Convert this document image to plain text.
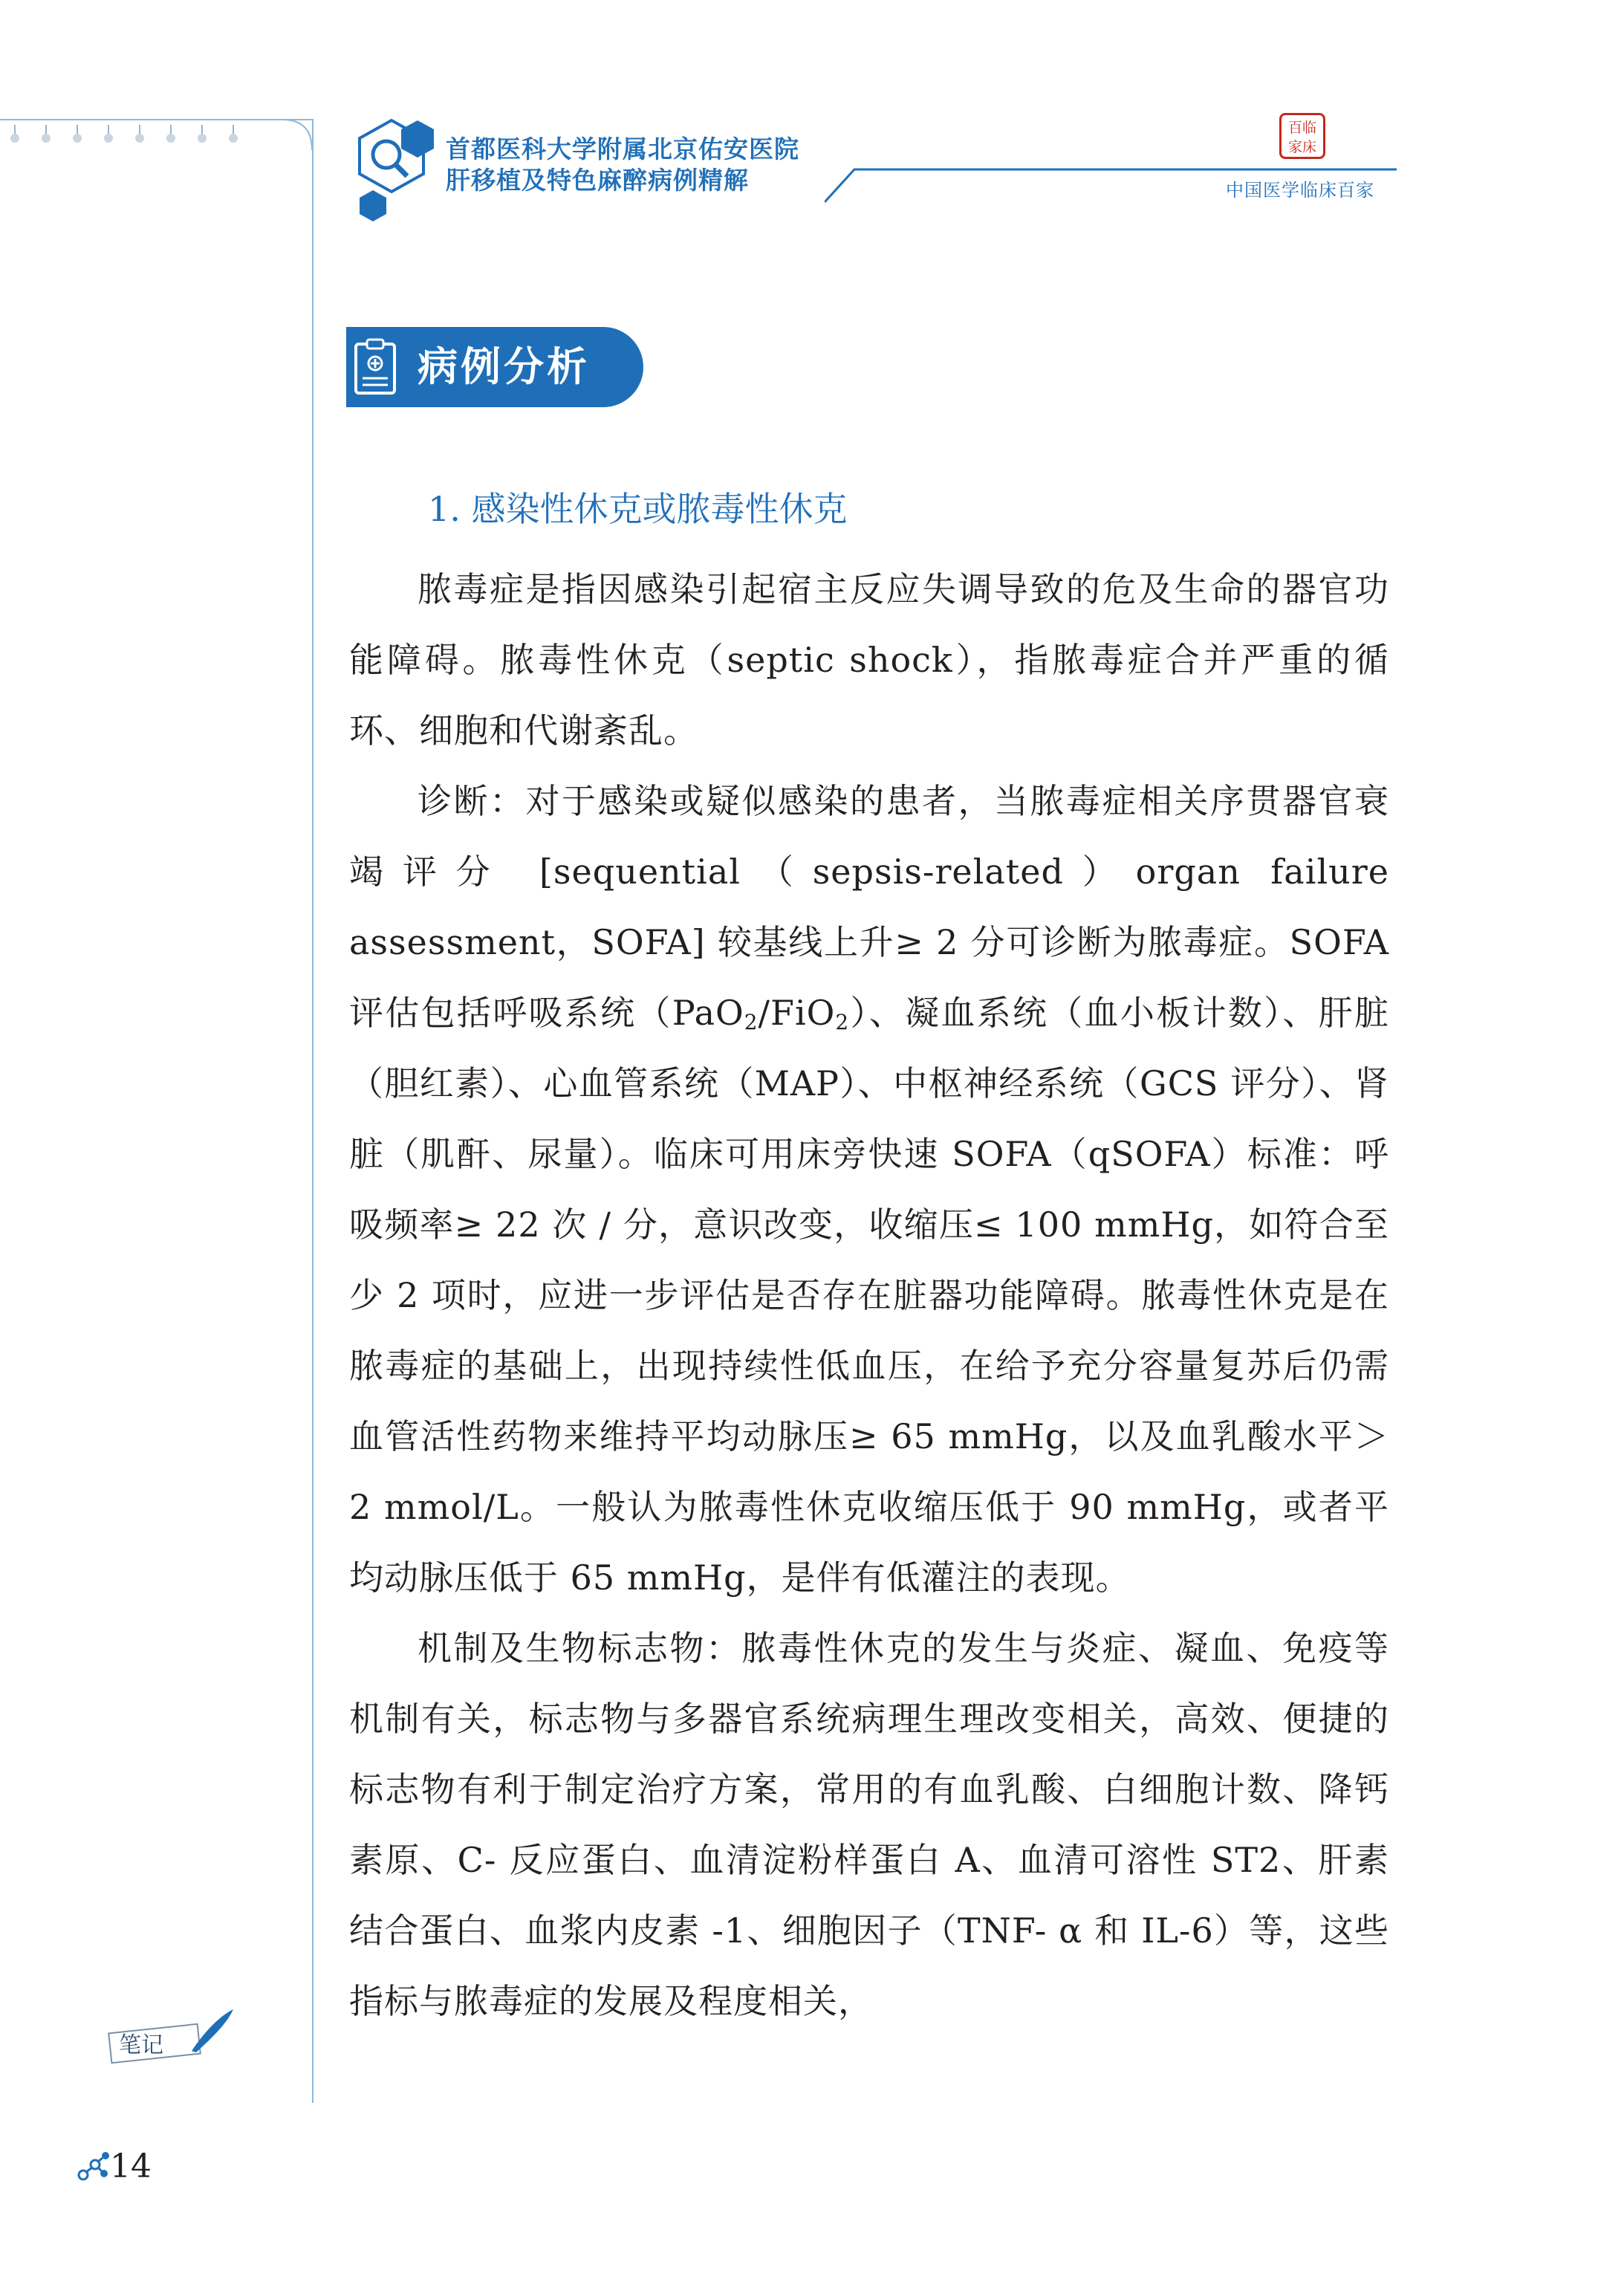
首都医科大学附属北京佑安医院
肝移植及特色麻醉病例精解
百临
家床
中国医学临床百家
病例分析
1. 感染性休克或脓毒性休克

脓毒症是指因感染引起宿主反应失调导致的危及生命的器官功能障碍。脓毒性休克（septic shock），指脓毒症合并严重的循环、细胞和代谢紊乱。

诊断：对于感染或疑似感染的患者，当脓毒症相关序贯器官衰竭评分 [sequential（sepsis-related）organ failure assessment，SOFA] 较基线上升≥ 2 分可诊断为脓毒症。SOFA 评估包括呼吸系统（PaO$_2$/FiO$_2$）、凝血系统（血小板计数）、肝脏（胆红素）、心血管系统（MAP）、中枢神经系统（GCS 评分）、肾脏（肌酐、尿量）。临床可用床旁快速 SOFA（qSOFA）标准：呼吸频率≥ 22 次 / 分，意识改变，收缩压≤ 100 mmHg，如符合至少 2 项时，应进一步评估是否存在脏器功能障碍。脓毒性休克是在脓毒症的基础上，出现持续性低血压，在给予充分容量复苏后仍需血管活性药物来维持平均动脉压≥ 65 mmHg，以及血乳酸水平＞ 2 mmol/L。一般认为脓毒性休克收缩压低于 90 mmHg，或者平均动脉压低于 65 mmHg，是伴有低灌注的表现。

机制及生物标志物：脓毒性休克的发生与炎症、凝血、免疫等机制有关，标志物与多器官系统病理生理改变相关，高效、便捷的标志物有利于制定治疗方案，常用的有血乳酸、白细胞计数、降钙素原、C- 反应蛋白、血清淀粉样蛋白 A、血清可溶性 ST2、肝素结合蛋白、血浆内皮素 -1、细胞因子（TNF- α 和 IL-6）等，这些指标与脓毒症的发展及程度相关，

笔记
14
